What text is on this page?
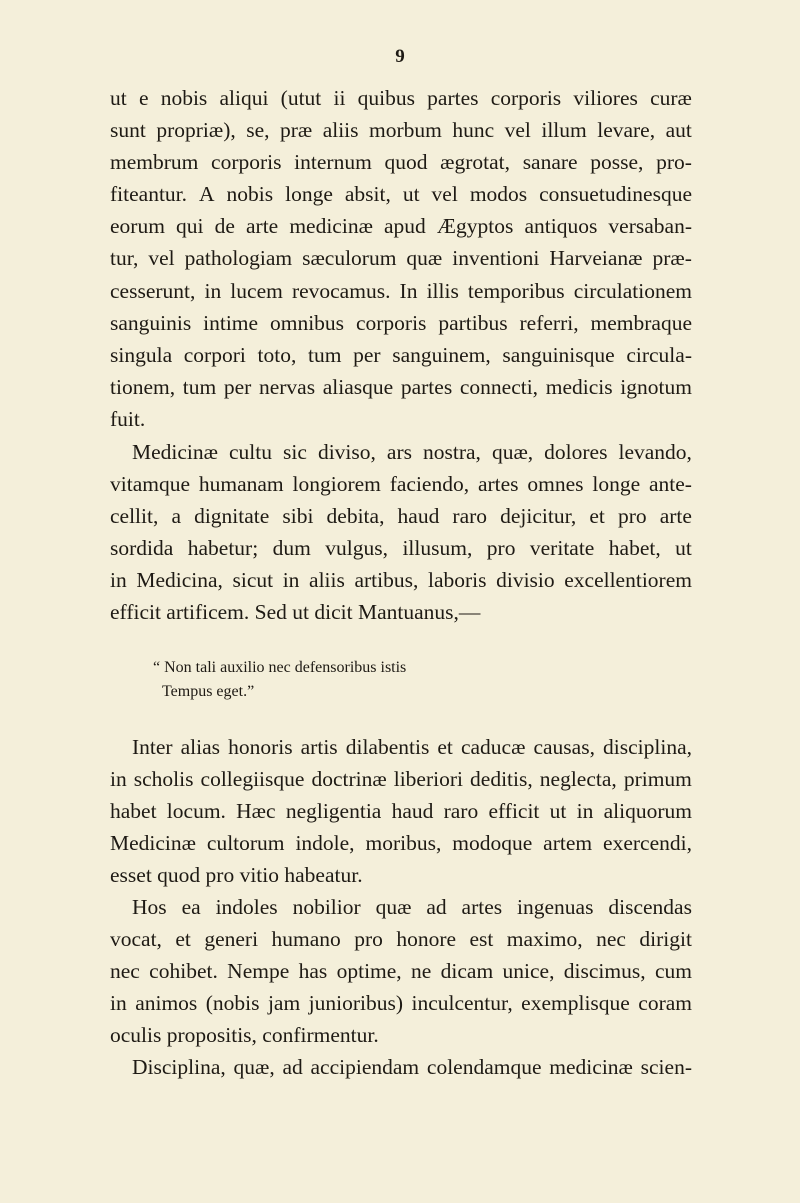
9
ut e nobis aliqui (utut ii quibus partes corporis viliores curæ
sunt propriæ), se, præ aliis morbum hunc vel illum levare, aut
membrum corporis internum quod ægrotat, sanare posse, pro-
fiteantur. A nobis longe absit, ut vel modos consuetudinesque
eorum qui de arte medicinæ apud Ægyptos antiquos versaban-
tur, vel pathologiam sæculorum quæ inventioni Harveianæ præ-
cesserunt, in lucem revocamus. In illis temporibus circulationem
sanguinis intime omnibus corporis partibus referri, membraque
singula corpori toto, tum per sanguinem, sanguinisque circula-
tionem, tum per nervas aliasque partes connecti, medicis ignotum
fuit.
Medicinæ cultu sic diviso, ars nostra, quæ, dolores levando,
vitamque humanam longiorem faciendo, artes omnes longe ante-
cellit, a dignitate sibi debita, haud raro dejicitur, et pro arte
sordida habetur; dum vulgus, illusum, pro veritate habet, ut
in Medicina, sicut in aliis artibus, laboris divisio excellentiorem
efficit artificem. Sed ut dicit Mantuanus,—
“ Non tali auxilio nec defensoribus istis
Tempus eget.”
Inter alias honoris artis dilabentis et caducæ causas, disciplina,
in scholis collegiisque doctrinæ liberiori deditis, neglecta, primum
habet locum. Hæc negligentia haud raro efficit ut in aliquorum
Medicinæ cultorum indole, moribus, modoque artem exercendi,
esset quod pro vitio habeatur.
Hos ea indoles nobilior quæ ad artes ingenuas discendas
vocat, et generi humano pro honore est maximo, nec dirigit
nec cohibet. Nempe has optime, ne dicam unice, discimus, cum
in animos (nobis jam junioribus) inculcentur, exemplisque coram
oculis propositis, confirmentur.
Disciplina, quæ, ad accipiendam colendamque medicinæ scien-
